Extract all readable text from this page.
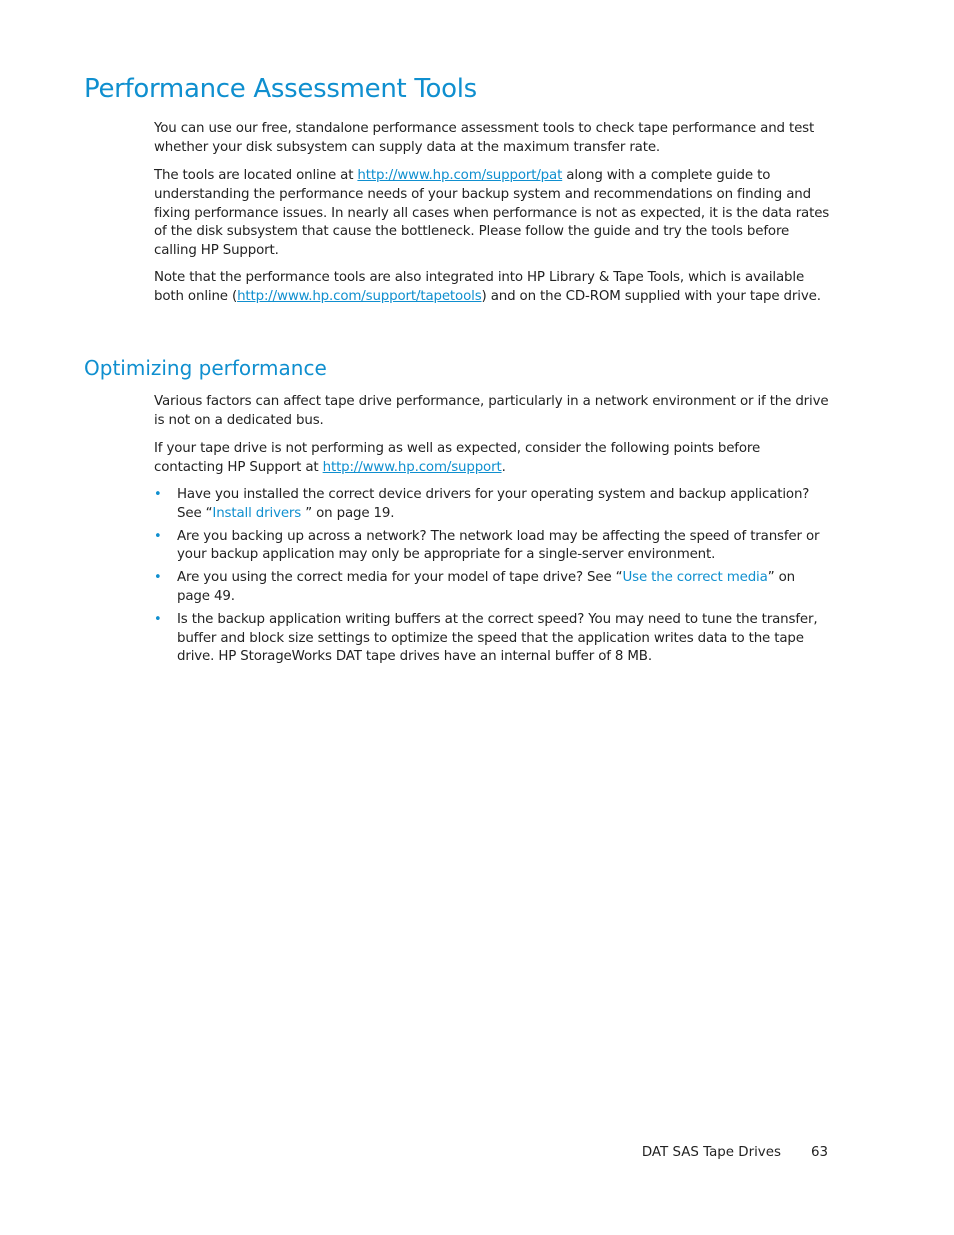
Performance Assessment Tools

You can use our free, standalone performance assessment tools to check tape performance and test whether your disk subsystem can supply data at the maximum transfer rate.

The tools are located online at http://www.hp.com/support/pat along with a complete guide to understanding the performance needs of your backup system and recommendations on finding and fixing performance issues. In nearly all cases when performance is not as expected, it is the data rates of the disk subsystem that cause the bottleneck. Please follow the guide and try the tools before calling HP Support.

Note that the performance tools are also integrated into HP Library & Tape Tools, which is available both online (http://www.hp.com/support/tapetools) and on the CD-ROM supplied with your tape drive.

Optimizing performance

Various factors can affect tape drive performance, particularly in a network environment or if the drive is not on a dedicated bus.

If your tape drive is not performing as well as expected, consider the following points before contacting HP Support at http://www.hp.com/support.

• Have you installed the correct device drivers for your operating system and backup application? See “Install drivers ” on page 19.
• Are you backing up across a network? The network load may be affecting the speed of transfer or your backup application may only be appropriate for a single-server environment.
• Are you using the correct media for your model of tape drive? See “Use the correct media” on page 49.
• Is the backup application writing buffers at the correct speed? You may need to tune the transfer, buffer and block size settings to optimize the speed that the application writes data to the tape drive. HP StorageWorks DAT tape drives have an internal buffer of 8 MB.
DAT SAS Tape Drives 63
